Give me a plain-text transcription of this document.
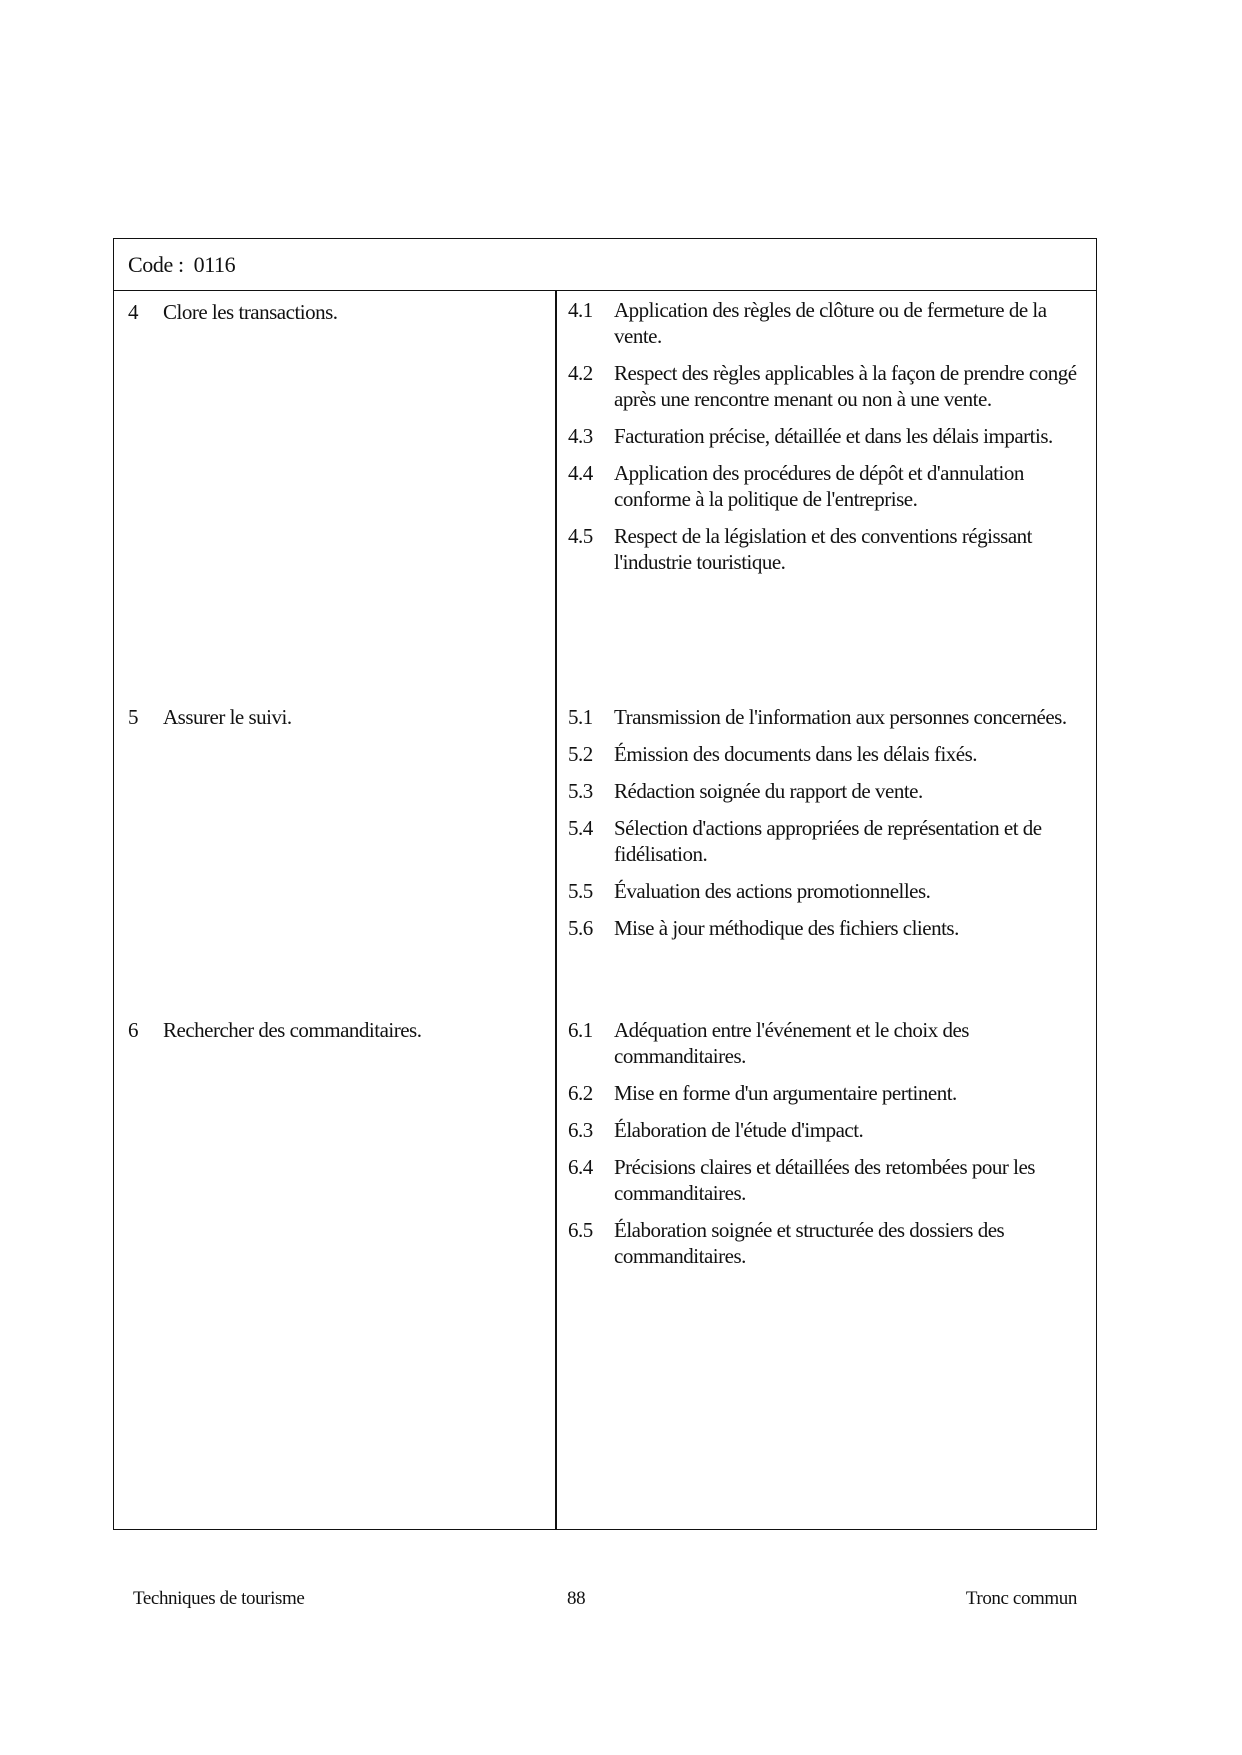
Code : 0116
4 Clore les transactions.	4.1	Application des règles de clôture ou de fermeture de la vente.
4.2	Respect des règles applicables à la façon de prendre congé après une rencontre menant ou non à une vente.
4.3	Facturation précise, détaillée et dans les délais impartis.
4.4	Application des procédures de dépôt et d'annulation conforme à la politique de l'entreprise.
4.5	Respect de la législation et des conventions régissant l'industrie touristique.
5 Assurer le suivi.	5.1	Transmission de l'information aux personnes concernées.
5.2	Émission des documents dans les délais fixés.
5.3	Rédaction soignée du rapport de vente.
5.4	Sélection d'actions appropriées de représentation et de fidélisation.
5.5	Évaluation des actions promotionnelles.
5.6	Mise à jour méthodique des fichiers clients.
6 Rechercher des commanditaires.	6.1	Adéquation entre l'événement et le choix des commanditaires.
6.2	Mise en forme d'un argumentaire pertinent.
6.3	Élaboration de l'étude d'impact.
6.4	Précisions claires et détaillées des retombées pour les commanditaires.
6.5	Élaboration soignée et structurée des dossiers des commanditaires.
Techniques de tourisme	88	Tronc commun
